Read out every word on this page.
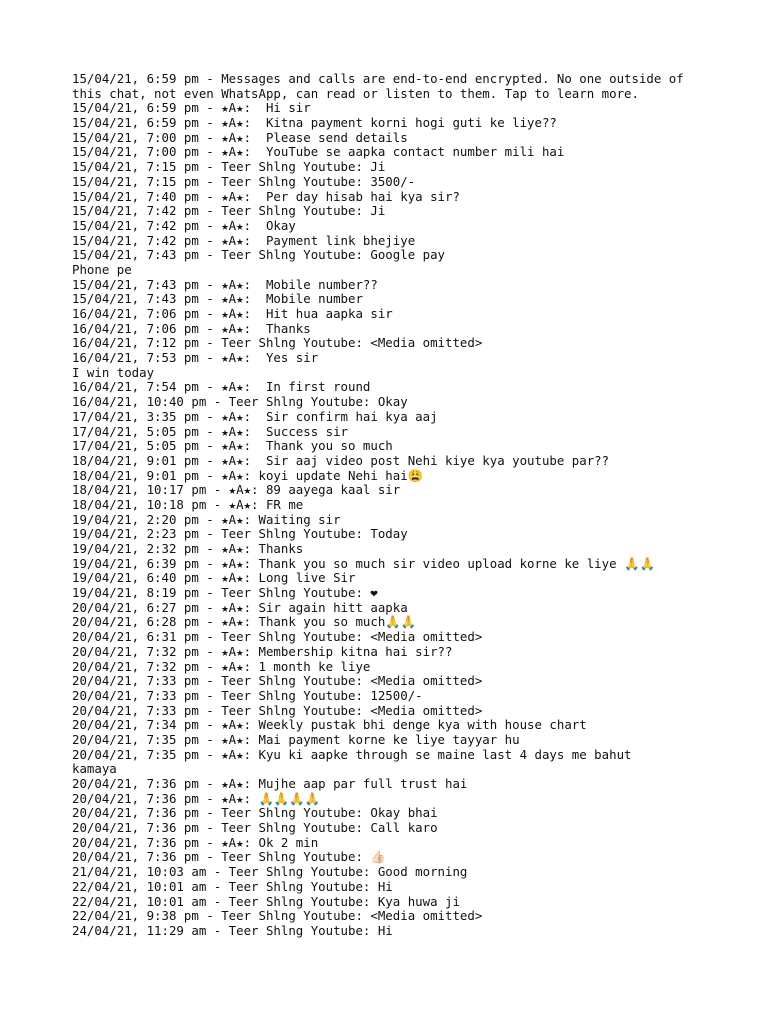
15/04/21, 6:59 pm - Messages and calls are end-to-end encrypted. No one outside of
this chat, not even WhatsApp, can read or listen to them. Tap to learn more.
15/04/21, 6:59 pm - ★A★:  Hi sir
15/04/21, 6:59 pm - ★A★:  Kitna payment korni hogi guti ke liye??
15/04/21, 7:00 pm - ★A★:  Please send details
15/04/21, 7:00 pm - ★A★:  YouTube se aapka contact number mili hai
15/04/21, 7:15 pm - Teer Shlng Youtube: Ji
15/04/21, 7:15 pm - Teer Shlng Youtube: 3500/-
15/04/21, 7:40 pm - ★A★:  Per day hisab hai kya sir?
15/04/21, 7:42 pm - Teer Shlng Youtube: Ji
15/04/21, 7:42 pm - ★A★:  Okay
15/04/21, 7:42 pm - ★A★:  Payment link bhejiye
15/04/21, 7:43 pm - Teer Shlng Youtube: Google pay
Phone pe
15/04/21, 7:43 pm - ★A★:  Mobile number??
15/04/21, 7:43 pm - ★A★:  Mobile number
16/04/21, 7:06 pm - ★A★:  Hit hua aapka sir
16/04/21, 7:06 pm - ★A★:  Thanks
16/04/21, 7:12 pm - Teer Shlng Youtube: <Media omitted>
16/04/21, 7:53 pm - ★A★:  Yes sir
I win today
16/04/21, 7:54 pm - ★A★:  In first round
16/04/21, 10:40 pm - Teer Shlng Youtube: Okay
17/04/21, 3:35 pm - ★A★:  Sir confirm hai kya aaj
17/04/21, 5:05 pm - ★A★:  Success sir
17/04/21, 5:05 pm - ★A★:  Thank you so much
18/04/21, 9:01 pm - ★A★:  Sir aaj video post Nehi kiye kya youtube par??
18/04/21, 9:01 pm - ★A★: koyi update Nehi hai😩
18/04/21, 10:17 pm - ★A★: 89 aayega kaal sir
18/04/21, 10:18 pm - ★A★: FR me
19/04/21, 2:20 pm - ★A★: Waiting sir
19/04/21, 2:23 pm - Teer Shlng Youtube: Today
19/04/21, 2:32 pm - ★A★: Thanks
19/04/21, 6:39 pm - ★A★: Thank you so much sir video upload korne ke liye 🙏🙏
19/04/21, 6:40 pm - ★A★: Long live Sir
19/04/21, 8:19 pm - Teer Shlng Youtube: ❤
20/04/21, 6:27 pm - ★A★: Sir again hitt aapka
20/04/21, 6:28 pm - ★A★: Thank you so much🙏🙏
20/04/21, 6:31 pm - Teer Shlng Youtube: <Media omitted>
20/04/21, 7:32 pm - ★A★: Membership kitna hai sir??
20/04/21, 7:32 pm - ★A★: 1 month ke liye
20/04/21, 7:33 pm - Teer Shlng Youtube: <Media omitted>
20/04/21, 7:33 pm - Teer Shlng Youtube: 12500/-
20/04/21, 7:33 pm - Teer Shlng Youtube: <Media omitted>
20/04/21, 7:34 pm - ★A★: Weekly pustak bhi denge kya with house chart
20/04/21, 7:35 pm - ★A★: Mai payment korne ke liye tayyar hu
20/04/21, 7:35 pm - ★A★: Kyu ki aapke through se maine last 4 days me bahut
kamaya
20/04/21, 7:36 pm - ★A★: Mujhe aap par full trust hai
20/04/21, 7:36 pm - ★A★: 🙏🙏🙏🙏
20/04/21, 7:36 pm - Teer Shlng Youtube: Okay bhai
20/04/21, 7:36 pm - Teer Shlng Youtube: Call karo
20/04/21, 7:36 pm - ★A★: Ok 2 min
20/04/21, 7:36 pm - Teer Shlng Youtube: 👍🏻
21/04/21, 10:03 am - Teer Shlng Youtube: Good morning
22/04/21, 10:01 am - Teer Shlng Youtube: Hi
22/04/21, 10:01 am - Teer Shlng Youtube: Kya huwa ji
22/04/21, 9:38 pm - Teer Shlng Youtube: <Media omitted>
24/04/21, 11:29 am - Teer Shlng Youtube: Hi
